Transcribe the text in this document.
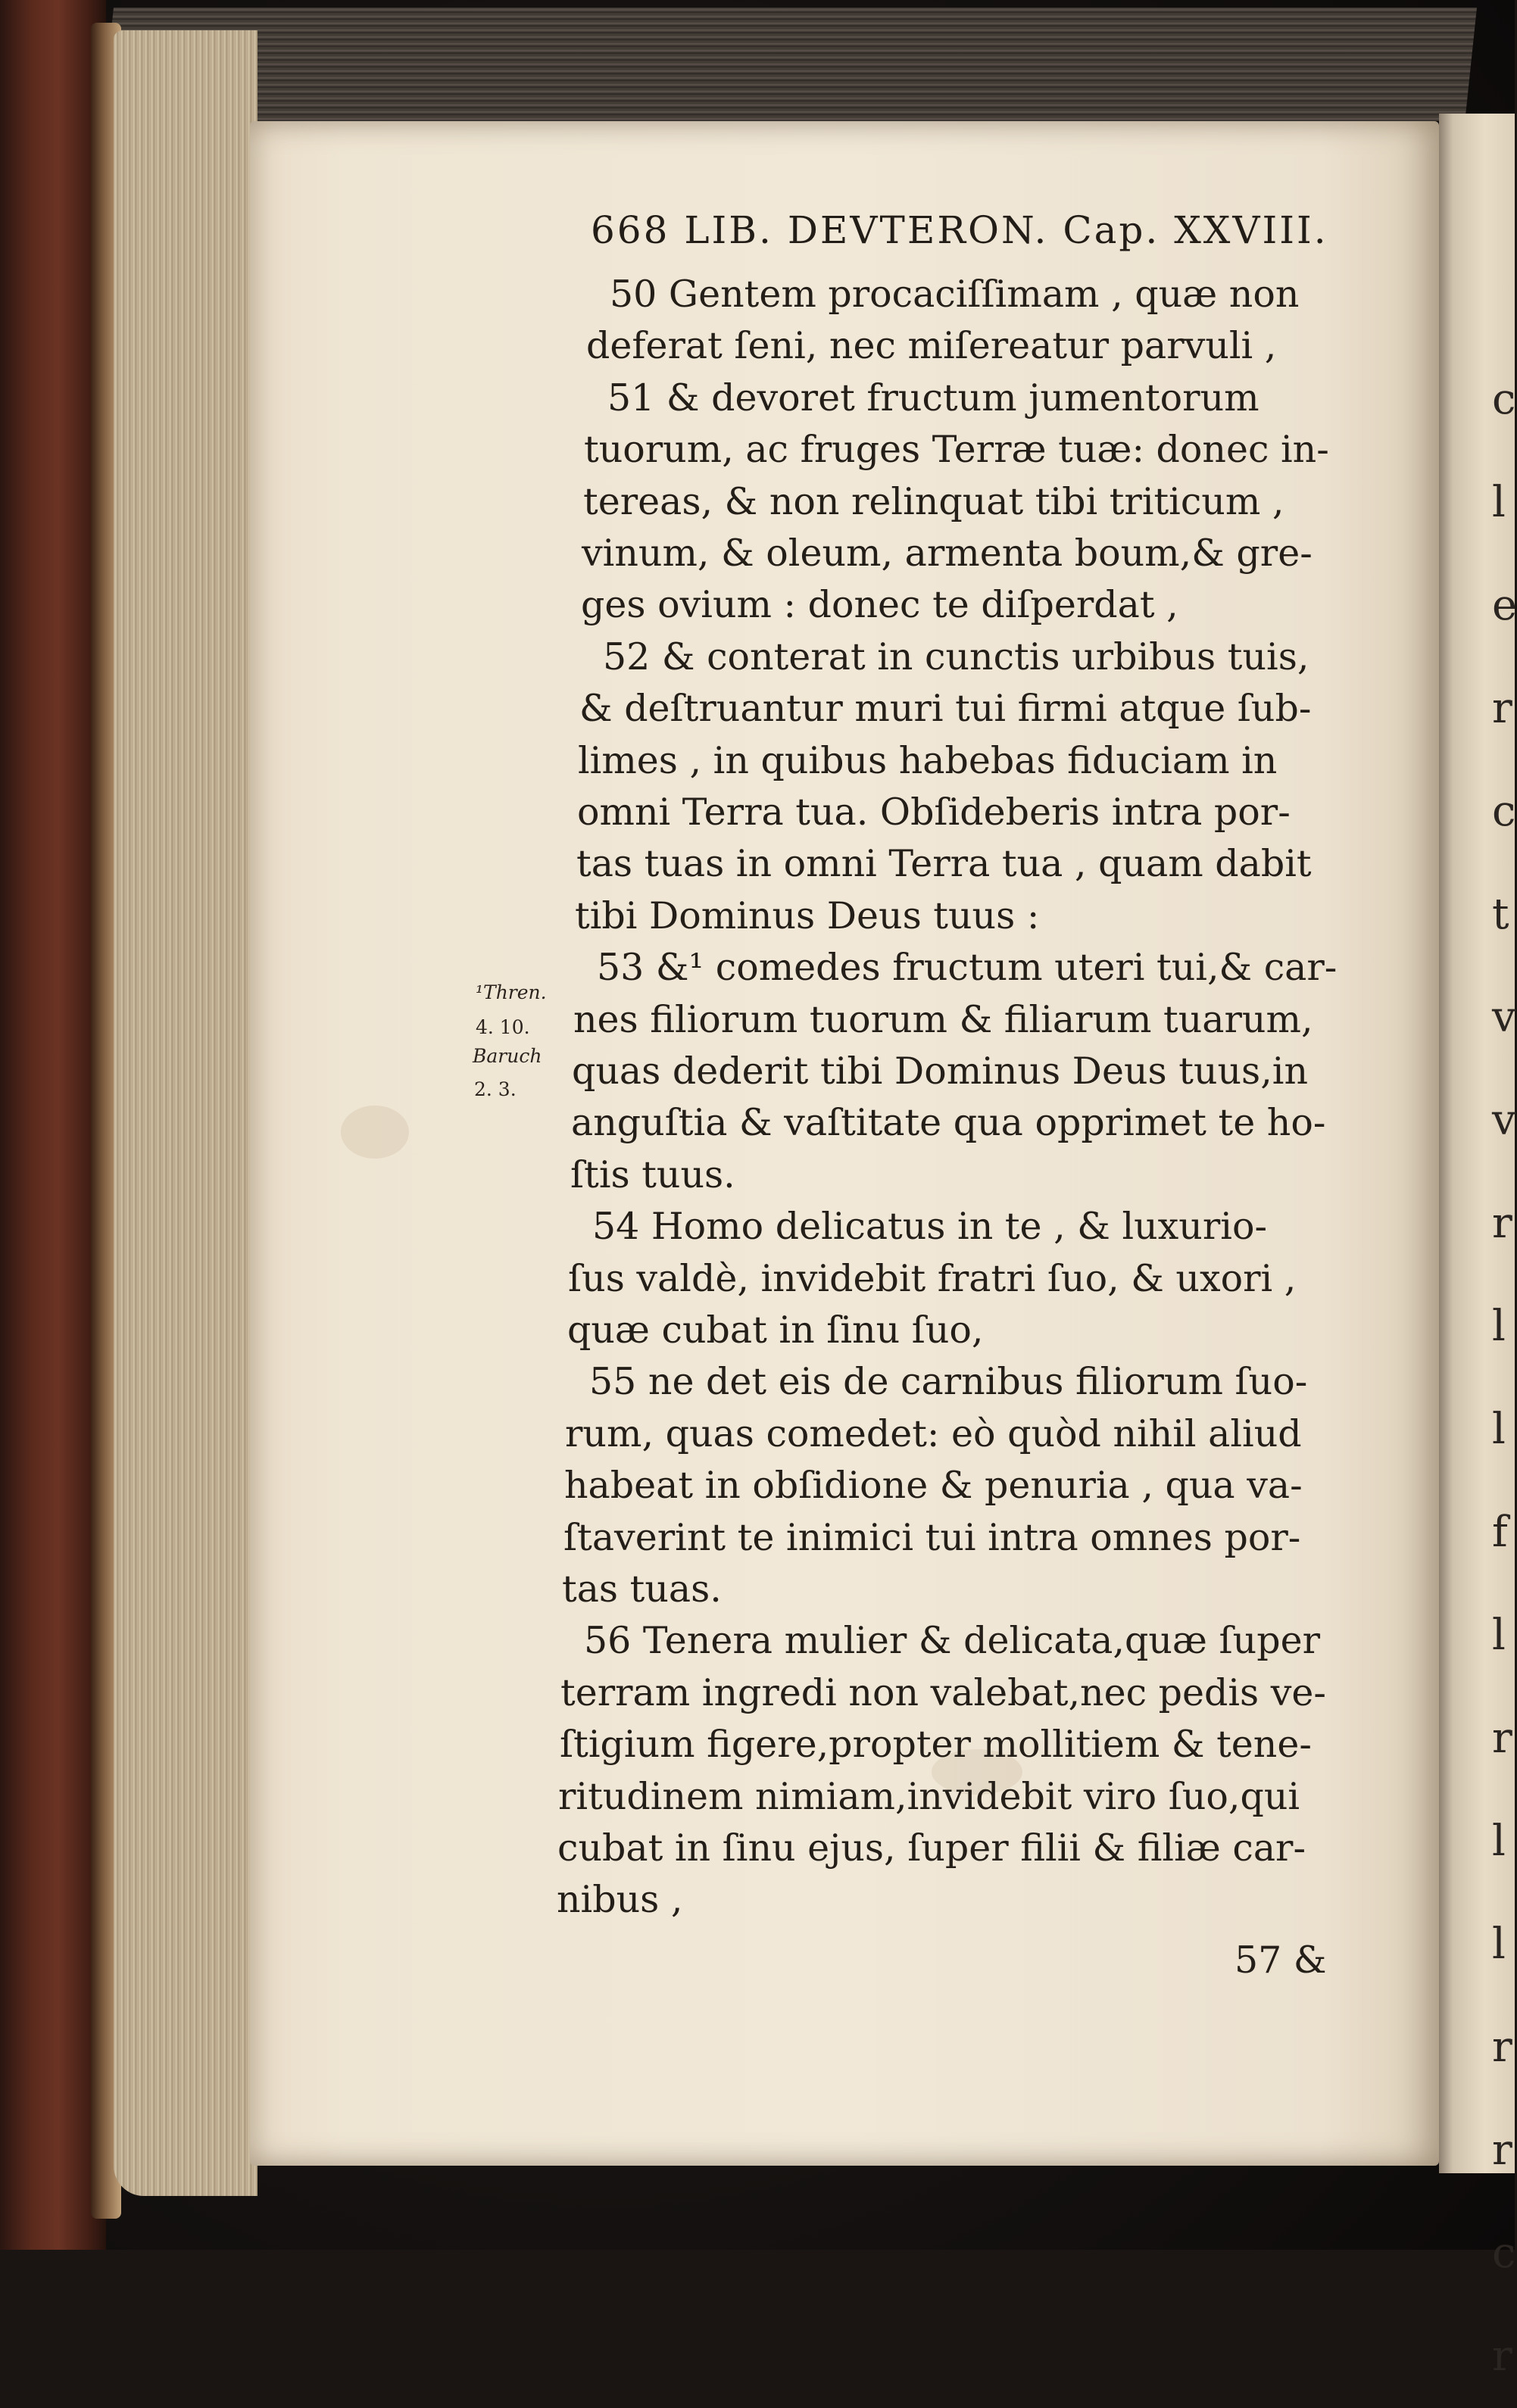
c
l
e
r
c
t
v
v
r
l
l
f
l
r
l
l
r
r
c
r
668 LIB. DEVTERON. Cap. XXVIII.
50 Gentem procaciſſimam , quæ non
deferat ſeni, nec miſereatur parvuli ,
51 & devoret fructum jumentorum
tuorum, ac fruges Terræ tuæ: donec in-
tereas, & non relinquat tibi triticum ,
vinum, & oleum, armenta boum,& gre-
ges ovium : donec te diſperdat ,
52 & conterat in cunctis urbibus tuis,
& deſtruantur muri tui firmi atque ſub-
limes , in quibus habebas fiduciam in
omni Terra tua. Obſideberis intra por-
tas tuas in omni Terra tua , quam dabit
tibi Dominus Deus tuus :
53 &¹ comedes fructum uteri tui,& car-
nes filiorum tuorum & filiarum tuarum,
quas dederit tibi Dominus Deus tuus,in
anguſtia & vaſtitate qua opprimet te ho-
ſtis tuus.
54 Homo delicatus in te , & luxurio-
ſus valdè, invidebit fratri ſuo, & uxori ,
quæ cubat in ſinu ſuo,
55 ne det eis de carnibus filiorum ſuo-
rum, quas comedet: eò quòd nihil aliud
habeat in obſidione & penuria , qua va-
ſtaverint te inimici tui intra omnes por-
tas tuas.
56 Tenera mulier & delicata,quæ ſuper
terram ingredi non valebat,nec pedis ve-
ſtigium figere,propter mollitiem & tene-
ritudinem nimiam,invidebit viro ſuo,qui
cubat in ſinu ejus, ſuper filii & filiæ car-
nibus ,
¹Thren.
4. 10.
Baruch
2. 3.
57 &
